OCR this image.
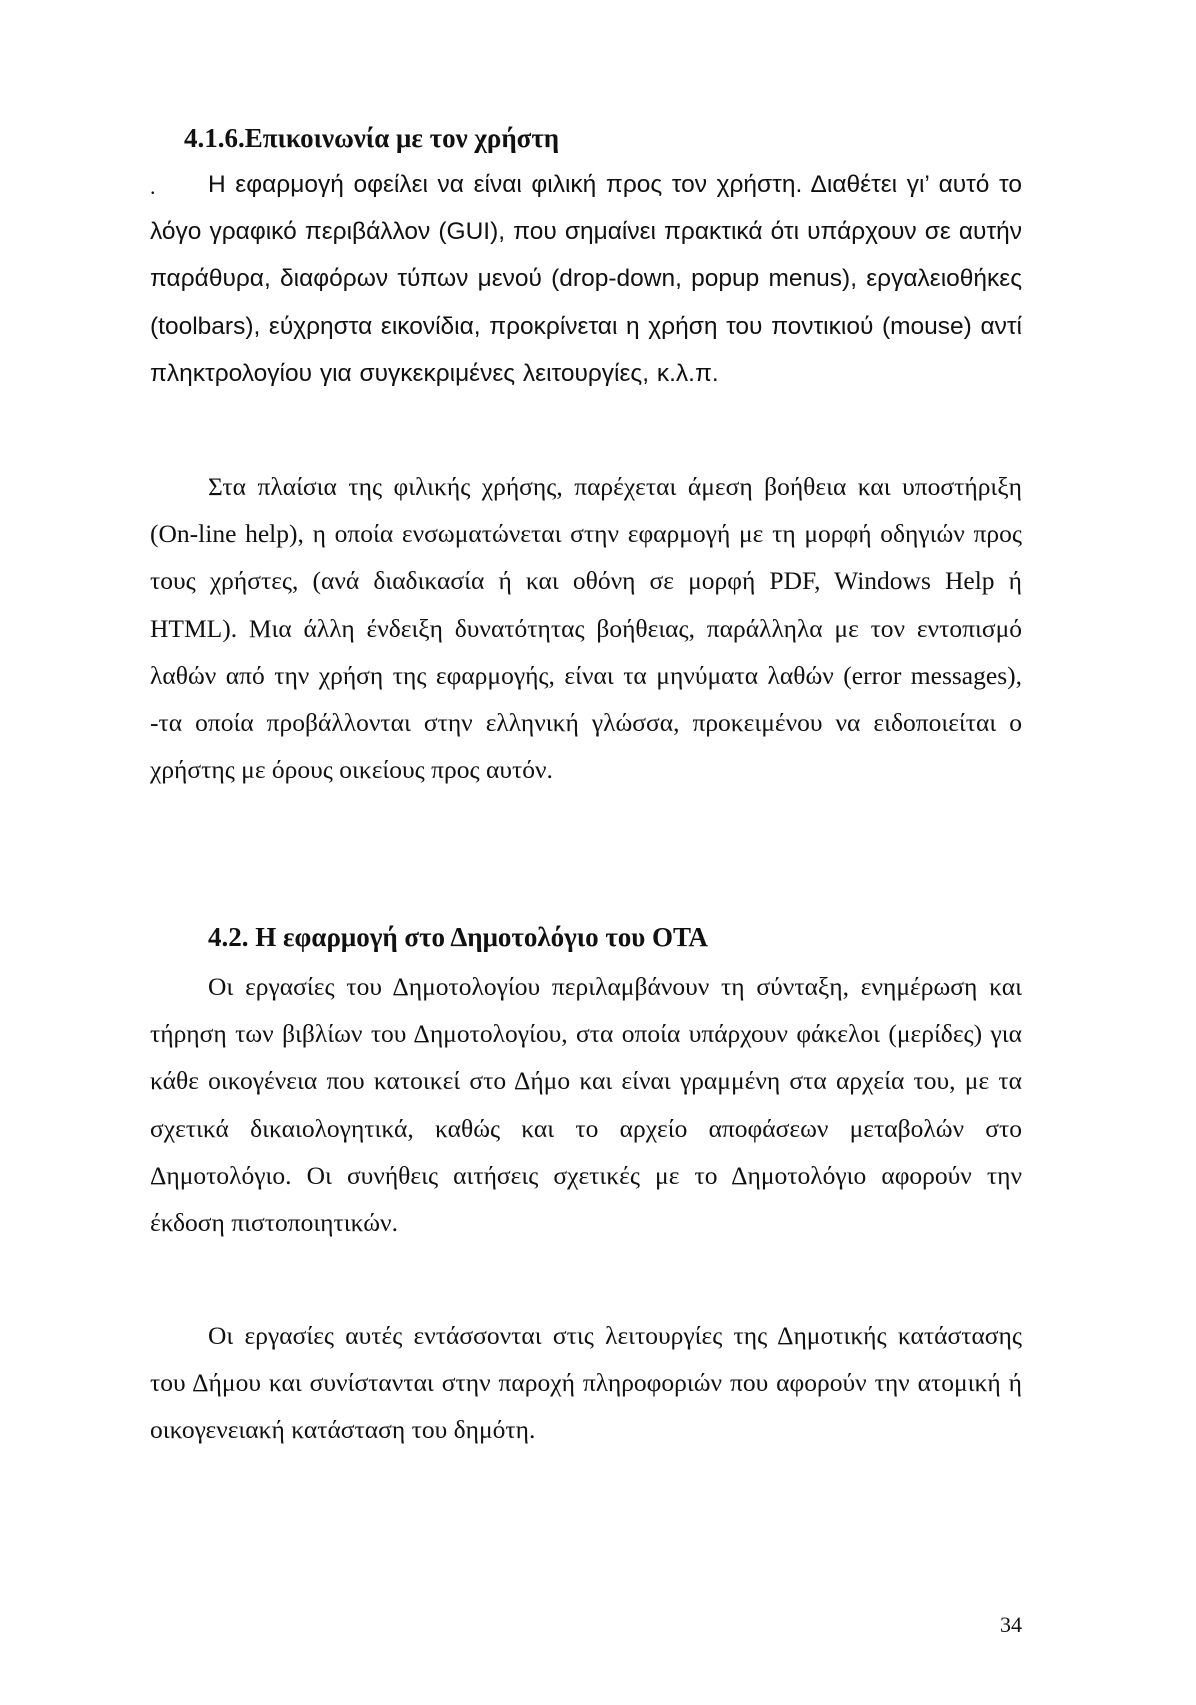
4.1.6.Επικοινωνία με τον χρήστη
.	Η εφαρμογή οφείλει να είναι φιλική προς τον χρήστη. Διαθέτει γι’ αυτό το λόγο γραφικό περιβάλλον (GUI), που σημαίνει πρακτικά ότι υπάρχουν σε αυτήν παράθυρα, διαφόρων τύπων μενού (drop-down, popup menus), εργαλειοθήκες (toolbars), εύχρηστα εικονίδια, προκρίνεται η χρήση του ποντικιού (mouse) αντί πληκτρολογίου για συγκεκριμένες λειτουργίες, κ.λ.π.

Στα πλαίσια της φιλικής χρήσης, παρέχεται άμεση βοήθεια και υποστήριξη (On-line help), η οποία ενσωματώνεται στην εφαρμογή με τη μορφή οδηγιών προς τους χρήστες, (ανά διαδικασία ή και οθόνη σε μορφή PDF, Windows Help ή HTML). Μια άλλη ένδειξη δυνατότητας βοήθειας, παράλληλα με τον εντοπισμό λαθών από την χρήση της εφαρμογής, είναι τα μηνύματα λαθών (error messages), -τα οποία προβάλλονται στην ελληνική γλώσσα, προκειμένου να ειδοποιείται ο χρήστης με όρους οικείους προς αυτόν.

4.2. Η εφαρμογή στο Δημοτολόγιο του ΟΤΑ

Οι εργασίες του Δημοτολογίου περιλαμβάνουν τη σύνταξη, ενημέρωση και τήρηση των βιβλίων του Δημοτολογίου, στα οποία υπάρχουν φάκελοι (μερίδες) για κάθε οικογένεια που κατοικεί στο Δήμο και είναι γραμμένη στα αρχεία του, με τα σχετικά δικαιολογητικά, καθώς και το αρχείο αποφάσεων μεταβολών στο Δημοτολόγιο. Οι συνήθεις αιτήσεις σχετικές με το Δημοτολόγιο αφορούν την έκδοση πιστοποιητικών.

Οι εργασίες αυτές εντάσσονται στις λειτουργίες της Δημοτικής κατάστασης του Δήμου και συνίστανται στην παροχή πληροφοριών που αφορούν την ατομική ή οικογενειακή κατάσταση του δημότη.

34
